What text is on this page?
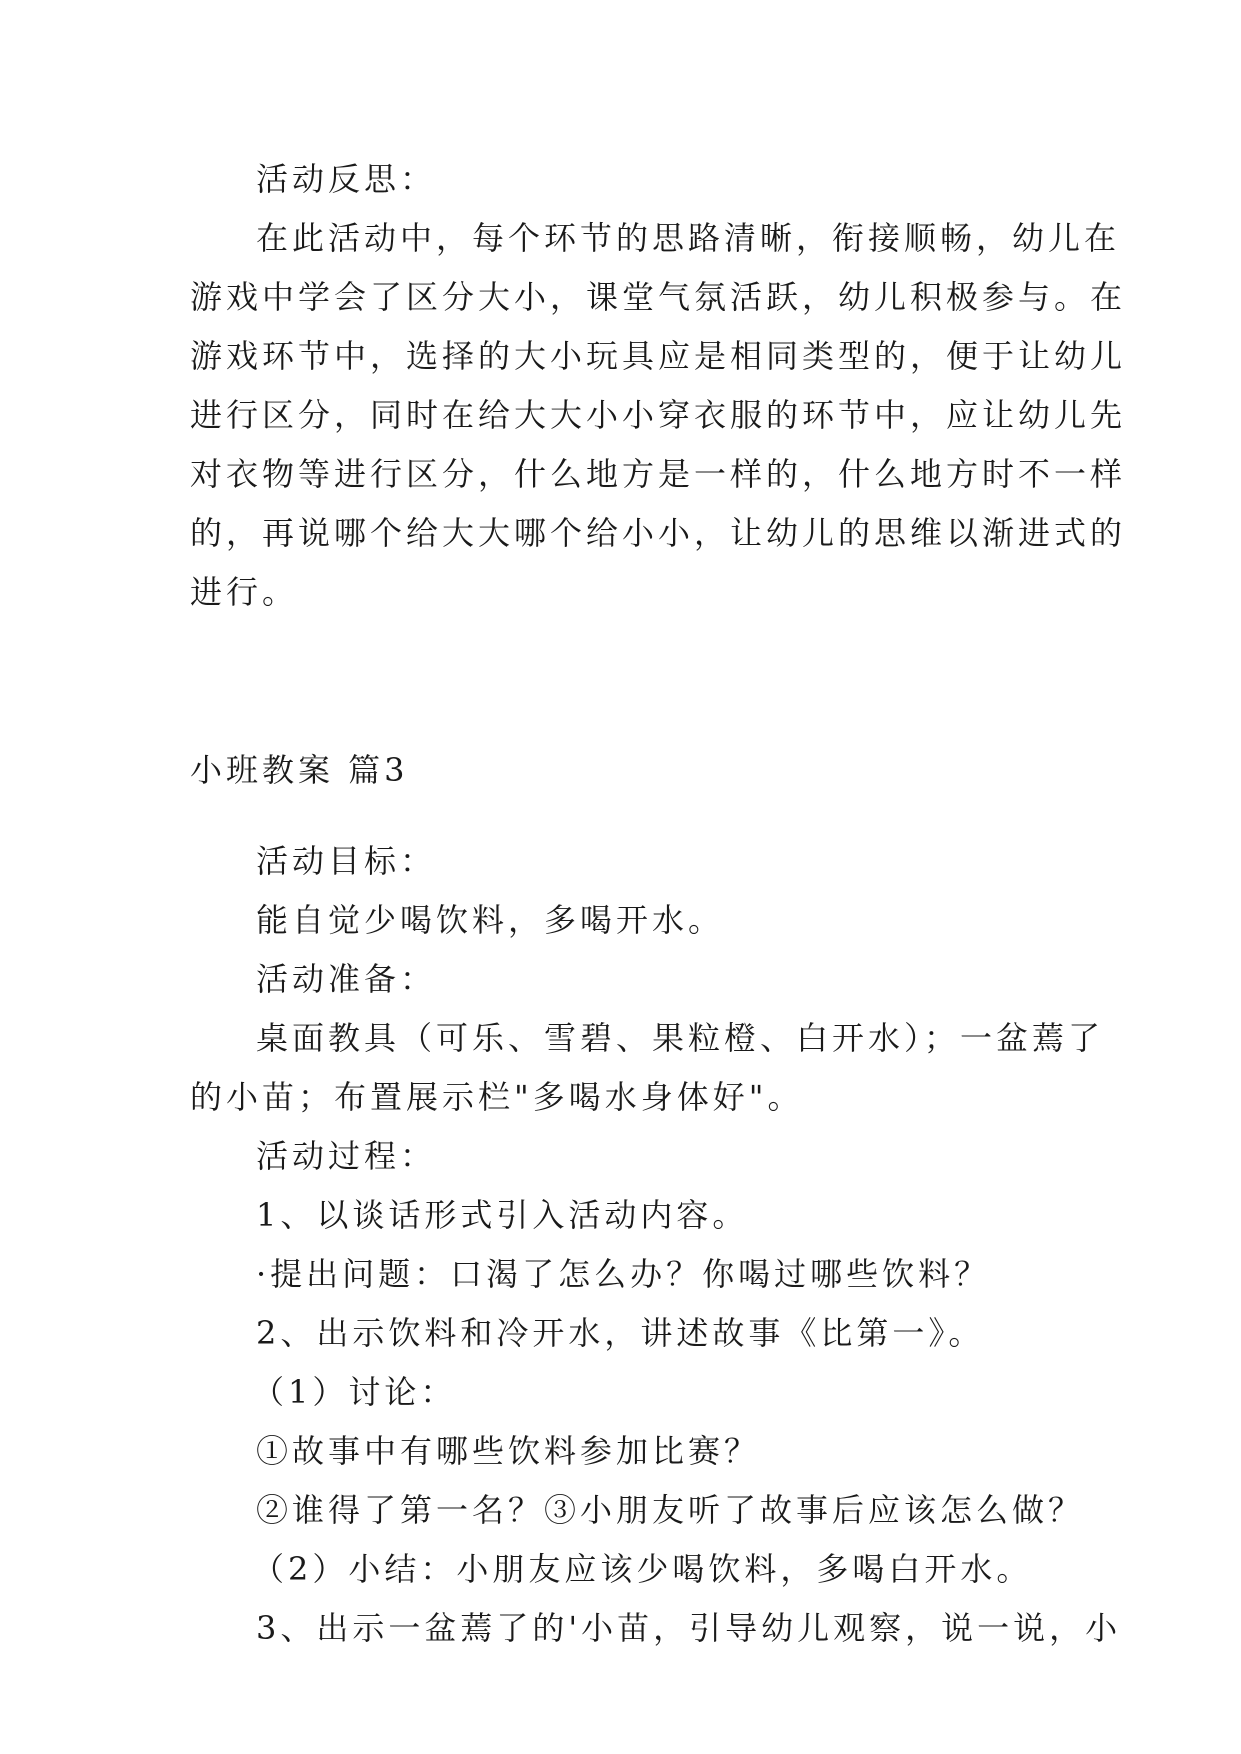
活动反思：

在此活动中，每个环节的思路清晰，衔接顺畅，幼儿在

游戏中学会了区分大小，课堂气氛活跃，幼儿积极参与。在

游戏环节中，选择的大小玩具应是相同类型的，便于让幼儿

进行区分，同时在给大大小小穿衣服的环节中，应让幼儿先

对衣物等进行区分，什么地方是一样的，什么地方时不一样

的，再说哪个给大大哪个给小小，让幼儿的思维以渐进式的

进行。

小班教案 篇3

活动目标：

能自觉少喝饮料，多喝开水。

活动准备：

桌面教具（可乐、雪碧、果粒橙、白开水）；一盆蔫了

的小苗；布置展示栏"多喝水身体好"。

活动过程：

1、以谈话形式引入活动内容。

·提出问题：口渴了怎么办？你喝过哪些饮料？

2、出示饮料和冷开水，讲述故事《比第一》。

（1）讨论：

①故事中有哪些饮料参加比赛？

②谁得了第一名？③小朋友听了故事后应该怎么做？

（2）小结：小朋友应该少喝饮料，多喝白开水。

3、出示一盆蔫了的'小苗，引导幼儿观察，说一说，小
